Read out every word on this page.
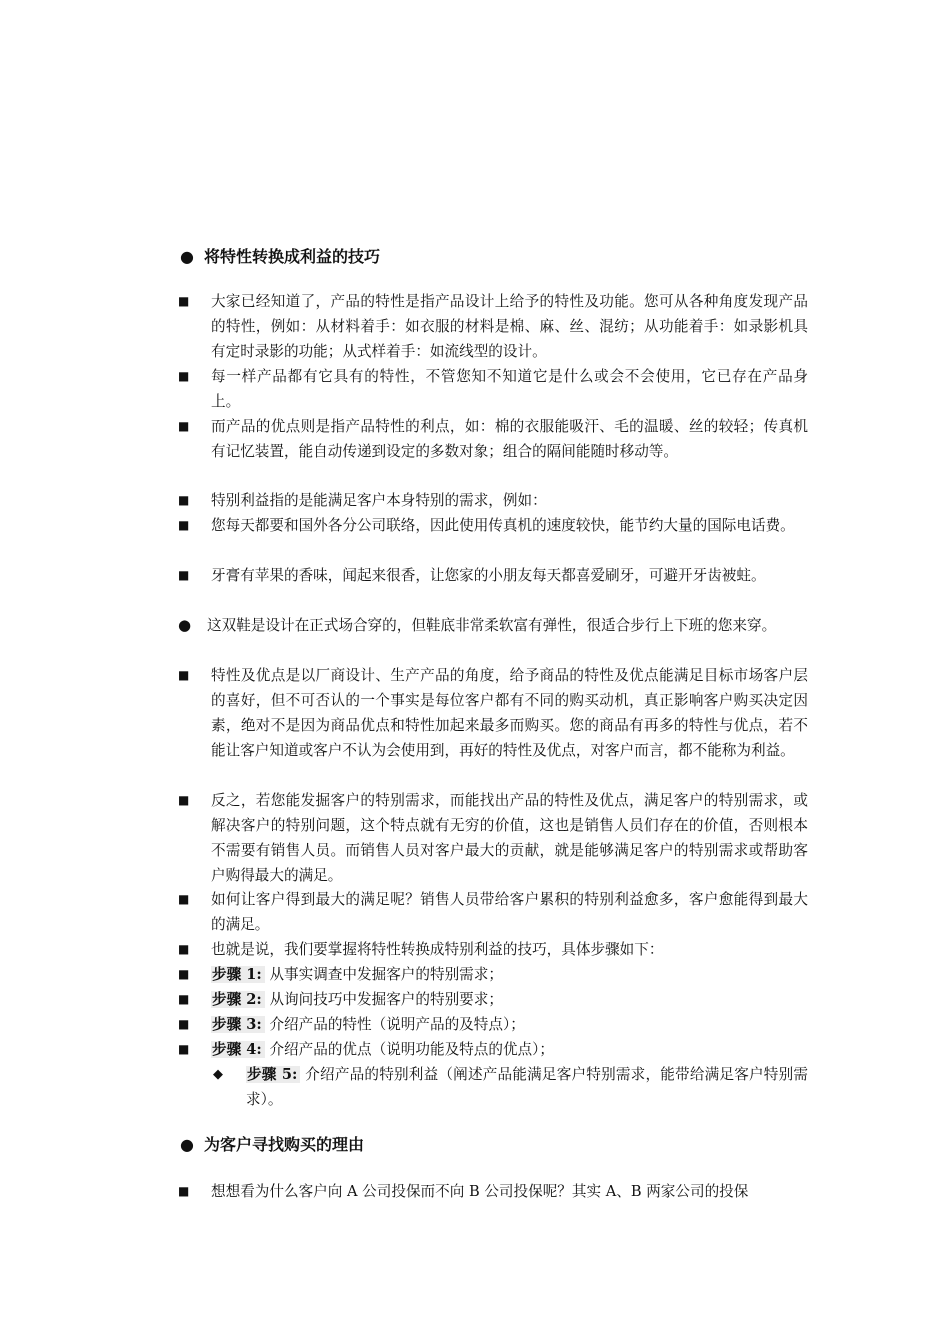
● 将特性转换成利益的技巧
■	大家已经知道了，产品的特性是指产品设计上给予的特性及功能。您可从各种角度发现产品的特性，例如：从材料着手：如衣服的材料是棉、麻、丝、混纺；从功能着手：如录影机具有定时录影的功能；从式样着手：如流线型的设计。
■	每一样产品都有它具有的特性，不管您知不知道它是什么或会不会使用，它已存在产品身上。
■	而产品的优点则是指产品特性的利点，如：棉的衣服能吸汗、毛的温暖、丝的较轻；传真机有记忆装置，能自动传递到设定的多数对象；组合的隔间能随时移动等。
■	特别利益指的是能满足客户本身特别的需求，例如：
■	您每天都要和国外各分公司联络，因此使用传真机的速度较快，能节约大量的国际电话费。
■	牙膏有苹果的香味，闻起来很香，让您家的小朋友每天都喜爱刷牙，可避开牙齿被蛀。
●	这双鞋是设计在正式场合穿的，但鞋底非常柔软富有弹性，很适合步行上下班的您来穿。
■	特性及优点是以厂商设计、生产产品的角度，给予商品的特性及优点能满足目标市场客户层的喜好，但不可否认的一个事实是每位客户都有不同的购买动机，真正影响客户购买决定因素，绝对不是因为商品优点和特性加起来最多而购买。您的商品有再多的特性与优点，若不能让客户知道或客户不认为会使用到，再好的特性及优点，对客户而言，都不能称为利益。
■	反之，若您能发掘客户的特别需求，而能找出产品的特性及优点，满足客户的特别需求，或解决客户的特别问题，这个特点就有无穷的价值，这也是销售人员们存在的价值，否则根本不需要有销售人员。而销售人员对客户最大的贡献，就是能够满足客户的特别需求或帮助客户购得最大的满足。
■	如何让客户得到最大的满足呢？销售人员带给客户累积的特别利益愈多，客户愈能得到最大的满足。
■	也就是说，我们要掌握将特性转换成特别利益的技巧，具体步骤如下：
■	步骤 1: 从事实调查中发掘客户的特别需求；
■	步骤 2: 从询问技巧中发掘客户的特别要求；
■	步骤 3: 介绍产品的特性（说明产品的及特点）；
■	步骤 4: 介绍产品的优点（说明功能及特点的优点）；
◆	步骤 5: 介绍产品的特别利益（阐述产品能满足客户特别需求，能带给满足客户特别需求）。
● 为客户寻找购买的理由
■	想想看为什么客户向 A 公司投保而不向 B 公司投保呢？其实 A、B 两家公司的投保
